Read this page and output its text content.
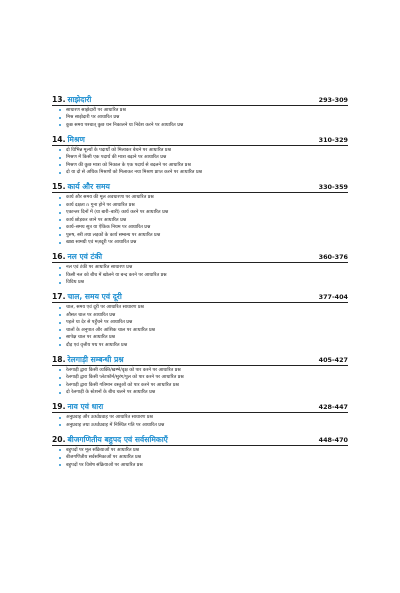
13. साझेदारी	293-309
साधारण साझेदारी पर आधारित प्रश्न
मिश्र साझेदारी पर आधारित प्रश्न
कुछ समय पश्चात् कुछ धन निकालने या निवेश करने पर आधारित प्रश्न
14. मिश्रण	310-329
दो विभिन्न मूल्यों के पदार्थों को मिलाकर बेचने पर आधारित प्रश्न
मिश्रण में किसी एक पदार्थ की मात्रा बढ़ाने पर आधारित प्रश्न
मिश्रण की कुछ मात्रा को निकाल के एक पदार्थ से बदलने पर आधारित प्रश्न
दो या दो से अधिक मिश्रणों को मिलाकर नया मिश्रण प्राप्त करने पर आधारित प्रश्न
15. कार्य और समय	330-359
कार्य और समय की मूल अवधारणा पर आधारित प्रश्न
कार्य दक्षता n गुना होने पर आधारित प्रश्न
एकान्तर दिनों में (या बारी–बारी) कार्य करने पर आधारित प्रश्न
कार्य छोड़कर जाने पर आधारित प्रश्न
कार्य–समय सूत्र या ऐकिक नियम पर आधारित प्रश्न
पुरुष, स्त्री तथा लड़कों के कार्य सम्बन्ध पर आधारित प्रश्न
खाद्य सामग्री एवं मज़दूरी पर आधारित प्रश्न
16. नल एवं टंकी	360-376
नल एवं टंकी पर आधारित साधारण प्रश्न
किसी नल को बीच में खोलने या बन्द करने पर आधारित प्रश्न
विविध प्रश्न
17. चाल, समय एवं दूरी	377-404
चाल, समय एवं दूरी पर आधारित साधारण प्रश्न
औसत चाल पर आधारित प्रश्न
पहले या देर से पहुँचने पर आधारित प्रश्न
चालों के अनुपात और आंशिक चाल पर आधारित प्रश्न
सापेक्ष चाल पर आधारित प्रश्न
दौड़ एवं वृत्तीय पथ पर आधारित प्रश्न
18. रेलगाड़ी सम्बन्धी प्रश्न	405-427
रेलगाड़ी द्वारा किसी व्यक्ति/खम्भे/वृक्ष को पार करने पर आधारित प्रश्न
रेलगाड़ी द्वारा किसी प्लेटफॉर्म/सुरंग/पुल को पार करने पर आधारित प्रश्न
रेलगाड़ी द्वारा किसी गतिमान वस्तुओं को पार करने पर आधारित प्रश्न
दो रेलगाड़ी के स्टेशनों के बीच चलने पर आधारित प्रश्न
19. नाव एवं धारा	428-447
अनुप्रवाह और ऊर्ध्वप्रवाह पर आधारित साधारण प्रश्न
अनुप्रवाह तथा ऊर्ध्वप्रवाह में निश्चित गति पर आधारित प्रश्न
20. बीजगणितीय बहुपद एवं सर्वसमिकाएँ	448-470
बहुपदों पर मूल संक्रियाओं पर आधारित प्रश्न
बीजगणितीय सर्वसमिकाओं पर आधारित प्रश्न
बहुपदों पर विशेष संक्रियाओं पर आधारित प्रश्न
